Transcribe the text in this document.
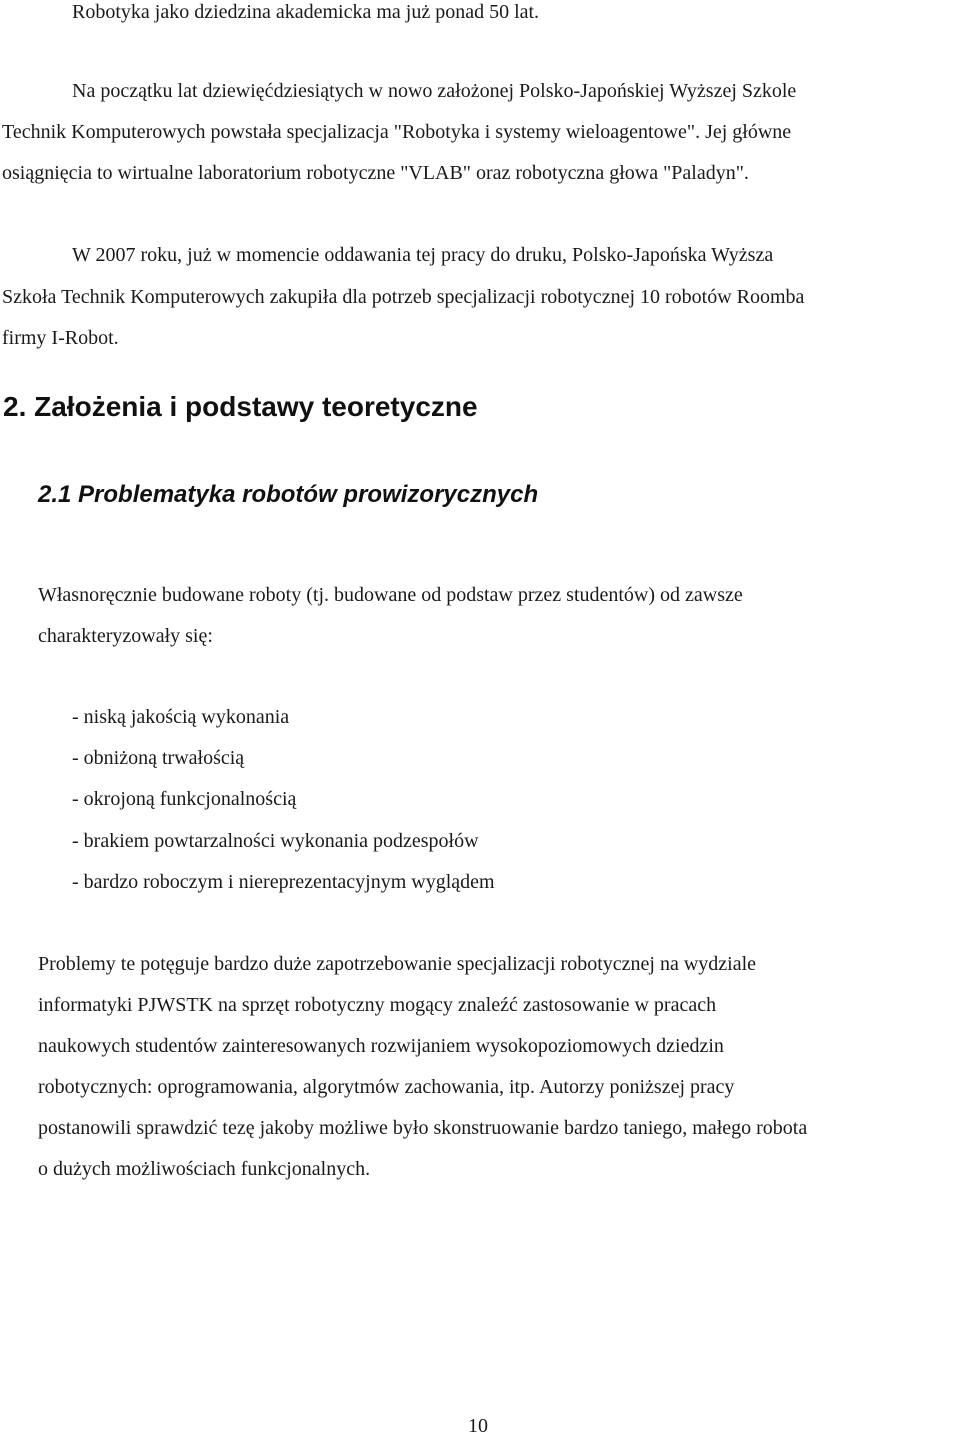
Robotyka jako dziedzina akademicka ma już ponad 50 lat.

Na początku lat dziewięćdziesiątych w nowo założonej Polsko-Japońskiej Wyższej Szkole

Technik Komputerowych powstała specjalizacja "Robotyka i systemy wieloagentowe". Jej główne

osiągnięcia to wirtualne laboratorium robotyczne "VLAB" oraz robotyczna głowa "Paladyn".

W 2007 roku, już w momencie oddawania tej pracy do druku, Polsko-Japońska Wyższa

Szkoła Technik Komputerowych zakupiła dla potrzeb specjalizacji robotycznej 10 robotów Roomba

firmy I-Robot.

2. Założenia i podstawy teoretyczne
2.1 Problematyka robotów prowizorycznych

Własnoręcznie budowane roboty (tj. budowane od podstaw przez studentów) od zawsze

charakteryzowały się:

- niską jakością wykonania

- obniżoną trwałością

- okrojoną funkcjonalnością

- brakiem powtarzalności wykonania podzespołów

- bardzo roboczym i niereprezentacyjnym wyglądem

Problemy te potęguje bardzo duże zapotrzebowanie specjalizacji robotycznej na wydziale

informatyki PJWSTK na sprzęt robotyczny mogący znaleźć zastosowanie w pracach

naukowych studentów zainteresowanych rozwijaniem wysokopoziomowych dziedzin

robotycznych: oprogramowania, algorytmów zachowania, itp. Autorzy poniższej pracy

postanowili sprawdzić tezę jakoby możliwe było skonstruowanie bardzo taniego, małego robota

o dużych możliwościach funkcjonalnych.

10
